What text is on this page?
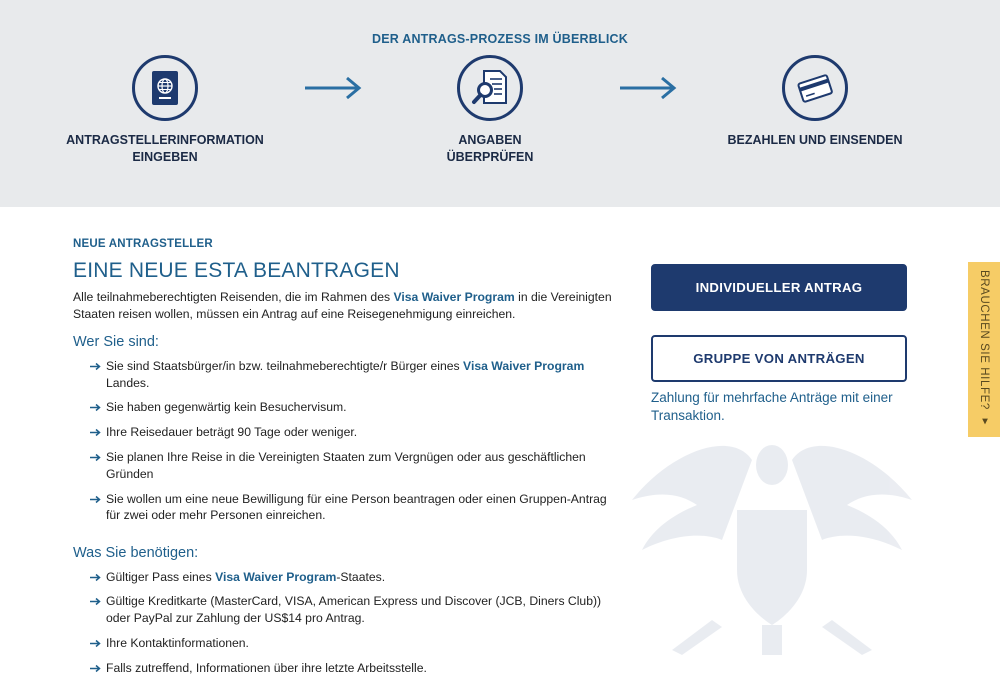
DER ANTRAGS-PROZESS IM ÜBERBLICK
ANTRAGSTELLERINFORMATION
EINGEBEN
ANGABEN
ÜBERPRÜFEN
BEZAHLEN UND EINSENDEN
NEUE ANTRAGSTELLER
EINE NEUE ESTA BEANTRAGEN

Alle teilnahmeberechtigten Reisenden, die im Rahmen des Visa Waiver Program in die Vereinigten Staaten reisen wollen, müssen ein Antrag auf eine Reisegenehmigung einreichen.

Wer Sie sind:
Sie sind Staatsbürger/in bzw. teilnahmeberechtigte/r Bürger eines Visa Waiver Program Landes.
Sie haben gegenwärtig kein Besuchervisum.
Ihre Reisedauer beträgt 90 Tage oder weniger.
Sie planen Ihre Reise in die Vereinigten Staaten zum Vergnügen oder aus geschäftlichen Gründen
Sie wollen um eine neue Bewilligung für eine Person beantragen oder einen Gruppen-Antrag für zwei oder mehr Personen einreichen.
Was Sie benötigen:
Gültiger Pass eines Visa Waiver Program-Staates.
Gültige Kreditkarte (MasterCard, VISA, American Express und Discover (JCB, Diners Club)) oder PayPal zur Zahlung der US$14 pro Antrag.
Ihre Kontaktinformationen.
Falls zutreffend, Informationen über ihre letzte Arbeitsstelle.
INDIVIDUELLER ANTRAG
GRUPPE VON ANTRÄGEN
Zahlung für mehrfache Anträge mit einer Transaktion.	BRAUCHEN SIE HILFE? ▾
